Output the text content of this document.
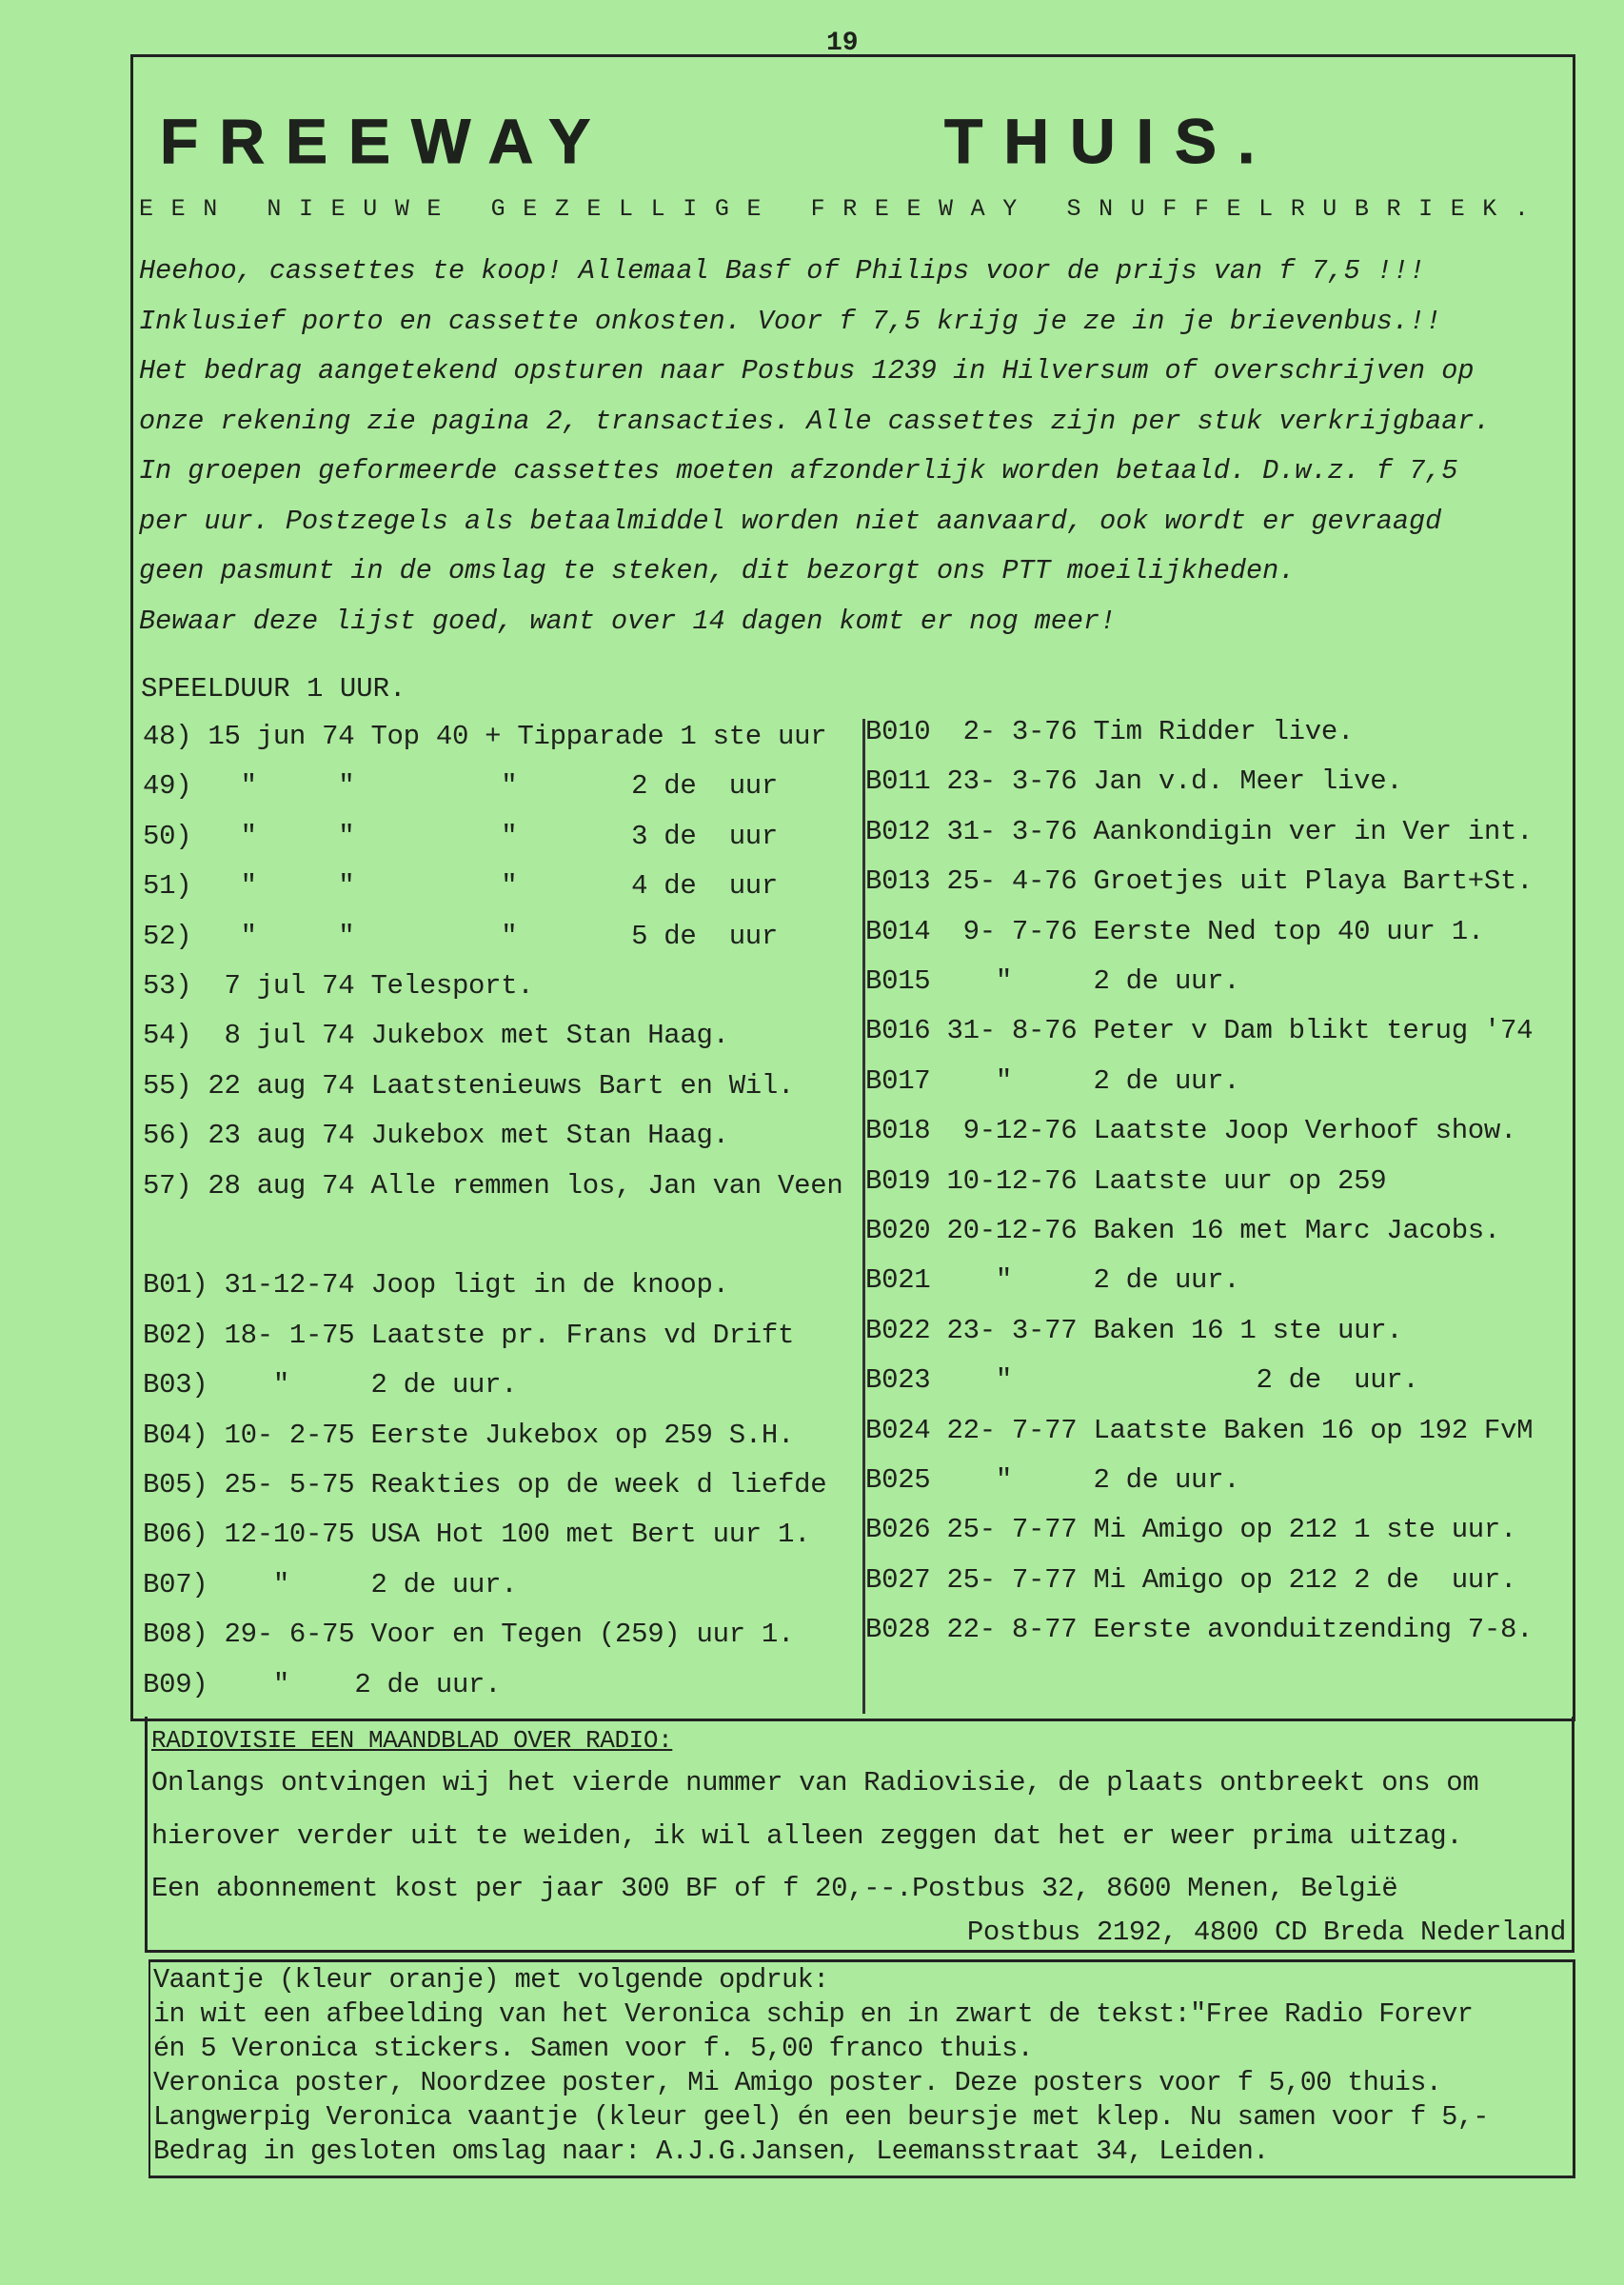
19
FREEWAY	THUIS.
EEN NIEUWE GEZELLIGE FREEWAY SNUFFELRUBRIEK.
Heehoo, cassettes te koop! Allemaal Basf of Philips voor de prijs van f 7,5 !!!
Inklusief porto en cassette onkosten. Voor f 7,5 krijg je ze in je brievenbus.!!
Het bedrag aangetekend opsturen naar Postbus 1239 in Hilversum of overschrijven op
onze rekening zie pagina 2, transacties. Alle cassettes zijn per stuk verkrijgbaar.
In groepen geformeerde cassettes moeten afzonderlijk worden betaald. D.w.z. f 7,5
per uur. Postzegels als betaalmiddel worden niet aanvaard, ook wordt er gevraagd
geen pasmunt in de omslag te steken, dit bezorgt ons PTT moeilijkheden.
Bewaar deze lijst goed, want over 14 dagen komt er nog meer!
SPEELDUUR 1 UUR.
48) 15 jun 74 Top 40 + Tipparade 1 ste uur
49)   "     "         "       2 de  uur
50)   "     "         "       3 de  uur
51)   "     "         "       4 de  uur
52)   "     "         "       5 de  uur
53)  7 jul 74 Telesport.
54)  8 jul 74 Jukebox met Stan Haag.
55) 22 aug 74 Laatstenieuws Bart en Wil.
56) 23 aug 74 Jukebox met Stan Haag.
57) 28 aug 74 Alle remmen los, Jan van Veen
B01) 31-12-74 Joop ligt in de knoop.
B02) 18- 1-75 Laatste pr. Frans vd Drift
B03)    "     2 de uur.
B04) 10- 2-75 Eerste Jukebox op 259 S.H.
B05) 25- 5-75 Reakties op de week d liefde
B06) 12-10-75 USA Hot 100 met Bert uur 1.
B07)    "     2 de uur.
B08) 29- 6-75 Voor en Tegen (259) uur 1.
B09)    "    2 de uur.
B010  2- 3-76 Tim Ridder live.
B011 23- 3-76 Jan v.d. Meer live.
B012 31- 3-76 Aankondigin ver in Ver int.
B013 25- 4-76 Groetjes uit Playa Bart+St.
B014  9- 7-76 Eerste Ned top 40 uur 1.
B015    "     2 de uur.
B016 31- 8-76 Peter v Dam blikt terug '74
B017    "     2 de uur.
B018  9-12-76 Laatste Joop Verhoof show.
B019 10-12-76 Laatste uur op 259
B020 20-12-76 Baken 16 met Marc Jacobs.
B021    "     2 de uur.
B022 23- 3-77 Baken 16 1 ste uur.
B023    "               2 de  uur.
B024 22- 7-77 Laatste Baken 16 op 192 FvM
B025    "     2 de uur.
B026 25- 7-77 Mi Amigo op 212 1 ste uur.
B027 25- 7-77 Mi Amigo op 212 2 de  uur.
B028 22- 8-77 Eerste avonduitzending 7-8.
RADIOVISIE EEN MAANDBLAD OVER RADIO:
Onlangs ontvingen wij het vierde nummer van Radiovisie, de plaats ontbreekt ons om
hierover verder uit te weiden, ik wil alleen zeggen dat het er weer prima uitzag.
Een abonnement kost per jaar 300 BF of f 20,--.Postbus 32, 8600 Menen, België
Postbus 2192, 4800 CD Breda Nederland
Vaantje (kleur oranje) met volgende opdruk:
in wit een afbeelding van het Veronica schip en in zwart de tekst:"Free Radio Forevr
én 5 Veronica stickers. Samen voor f. 5,00 franco thuis.
Veronica poster, Noordzee poster, Mi Amigo poster. Deze posters voor f 5,00 thuis.
Langwerpig Veronica vaantje (kleur geel) én een beursje met klep. Nu samen voor f 5,-
Bedrag in gesloten omslag naar: A.J.G.Jansen, Leemansstraat 34, Leiden.
